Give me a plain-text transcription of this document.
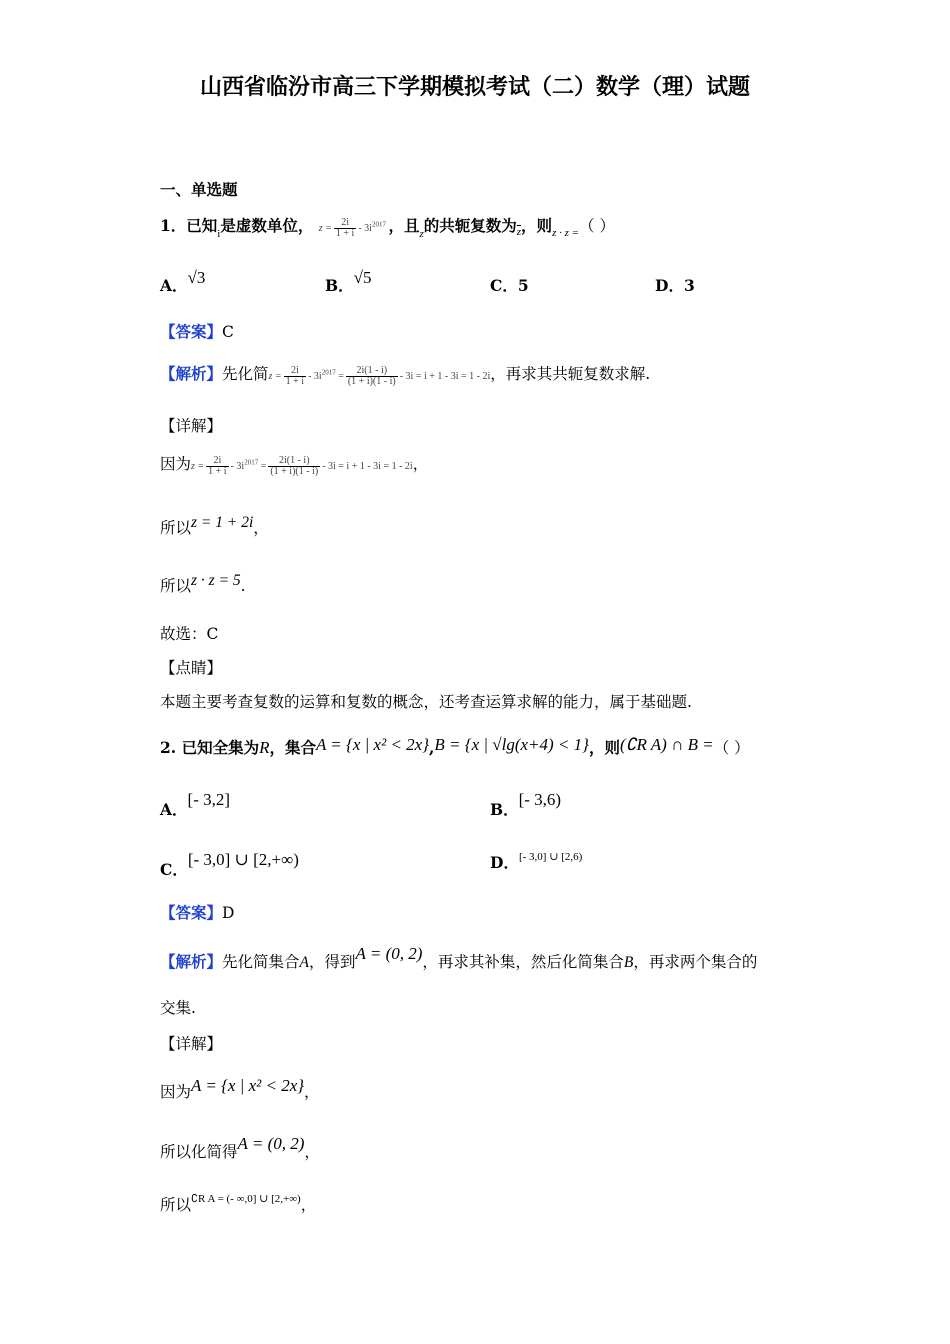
山西省临汾市高三下学期模拟考试（二）数学（理）试题
一、单选题
1．已知$_i$是虚数单位， $z = \frac{2i}{1 + i} - 3i^{2017}$ ，且$_z$的共轭复数为$_{\overline{z}}$，则$_{z \cdot z =}$（ ）
A．√3	B．√5	C．5	D．3
【答案】C
【解析】先化简$z = \frac{2i}{1 + i} - 3i^{2017} = \frac{2i(1 - i)}{(1 + i)(1 - i)} - 3i = i + 1 - 3i = 1 - 2i$，再求其共轭复数求解.
【详解】
因为$z = \frac{2i}{1 + i} - 3i^{2017} = \frac{2i(1 - i)}{(1 + i)(1 - i)} - 3i = i + 1 - 3i = 1 - 2i$，
所以z = 1 + 2i，
所以z · z = 5.
故选：C
【点睛】
本题主要考查复数的运算和复数的概念，还考查运算求解的能力，属于基础题.
2. 已知全集为R，集合A = {x | x² < 2x},B = {x | √lg(x+4) < 1}，则(∁R A) ∩ B =（ ）
A．[- 3,2]
B．[- 3,6)
C．[- 3,0] ∪ [2,+∞)	D．$^{[- 3,0] \cup [2,6)}$
【答案】D
【解析】先化简集合A，得到A = (0, 2)，再求其补集，然后化简集合B，再求两个集合的
交集.
【详解】
因为A = {x | x² < 2x}，
所以化简得A = (0, 2)，
所以$^{∁R A = (- \infty,0] \cup [2,+\infty)}$，
